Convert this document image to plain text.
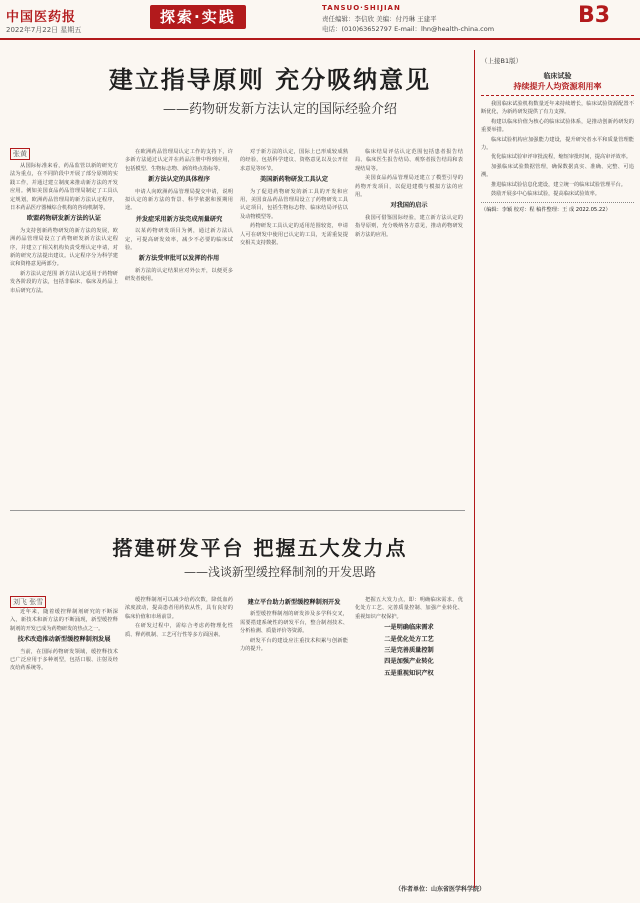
中国医药报
2022年7月22日 星期五
探索·实践	TANSUO·SHIJIAN
责任编辑：李信欣 美编：付丹琳 王建平
电话：(010)63652797 E-mail：lhn@health-china.com
B3
建立指导原则 充分吸纳意见
——药物研发新方法认定的国际经验介绍
张黄

从国际标准来看，药品监管以新的研究方法为重点，在不同阶段中开展了部分原则的实践工作，并通过建立制度来推动新方法的开发应用。例如美国食品药品管理局制定了工具认定规划，欧洲药品管理局的新方法认定程序，日本药品医疗器械综合机构的咨询机制等。

欧盟药物研发新方法的认证

为支持创新药物研发的新方法的发展，欧洲药品管理局设立了药物研发新方法认定程序，并建立了相关机构负责受理认定申请，对新的研究方法提出建议。认定程序分为科学建议和资格意见两部分。

新方法认定范围 新方法认定适用于药物研发各阶段的方法，包括非临床、临床及药品上市后研究方法。

在欧洲药品管理局认定工作的支持下，许多新方法通过认定并在药品注册中得到应用，包括模型、生物标志物、新的终点指标等。

新方法认定的具体程序

申请人向欧洲药品管理局提交申请，说明拟认定的新方法的背景、科学依据和预期用途。

并发症采用新方法完成剂量研究

以某药物研发项目为例，通过新方法认定，可提高研发效率，减少不必要的临床试验。

新方法受审批可以发挥的作用

新方法的认定结果应对外公开，以便更多研发者使用。

对于新方法的认定，国际上已形成较成熟的经验，包括科学建议、资格意见以及公开征求意见等环节。

美国新药物研发工具认定

为了促进药物研发的新工具的开发和应用，美国食品药品管理局设立了药物研发工具认定项目，包括生物标志物、临床结局评估以及动物模型等。

药物研发工具认定的适用范围较宽，申请人可在研发中使用已认定的工具，无需重复提交相关支持数据。

临床结局评估认定范围包括患者报告结局、临床医生报告结局、观察者报告结局和表现结局等。

美国食品药品管理局还建立了模型引导的药物开发项目，以促进建模与模拟方法的应用。

对我国的启示

我国可借鉴国际经验，建立新方法认定的指导原则，充分吸纳各方意见，推动药物研发新方法的应用。

搭建研发平台 把握五大发力点
——浅谈新型缓控释制剂的开发思路
刘飞 张雪

近年来，随着缓控释制剂研究的不断深入，新技术和新方法的不断涌现，新型缓控释制剂的开发已成为药物研发的热点之一。

技术改造推动新型缓控释制剂发展

当前，在国际药物研发领域，缓控释技术已广泛应用于多种剂型，包括口服、注射及经皮给药系统等。

缓控释制剂可以减少给药次数，降低血药浓度波动，提高患者用药依从性，具有良好的临床价值和市场前景。

在研发过程中，需综合考虑药物理化性质、释药机制、工艺可行性等多方面因素。

建立平台助力新型缓控释制剂开发

新型缓控释制剂的研发涉及多学科交叉，需要搭建系统性的研发平台，整合制剂技术、分析检测、质量评价等资源。

研发平台的建设应注重技术积累与创新能力的提升。

把握五大发力点，即：明确临床需求、优化处方工艺、完善质量控制、加强产业转化、重视知识产权保护。

一是明确临床需求
二是优化处方工艺
三是完善质量控制
四是加强产业转化
五是重视知识产权
（作者单位：山东省医学科学院）
（上接B1版）
临床试验
持续提升人均资源利用率

我国临床试验机构数量近年来持续增长，临床试验资源配置不断优化，为新药研发提供了有力支撑。

构建以临床价值为核心的临床试验体系，是推动创新药研发的重要举措。

临床试验机构应加强能力建设，提升研究者水平和质量管理能力。

优化临床试验审评审批流程，缩短审批时间，提高审评效率。

加强临床试验数据管理，确保数据真实、准确、完整、可追溯。

推进临床试验信息化建设，建立统一的临床试验管理平台。

鼓励开展多中心临床试验，提高临床试验效率。

（编辑：李颖 校对：程 稿件整理：王 成 2022.05.22）
